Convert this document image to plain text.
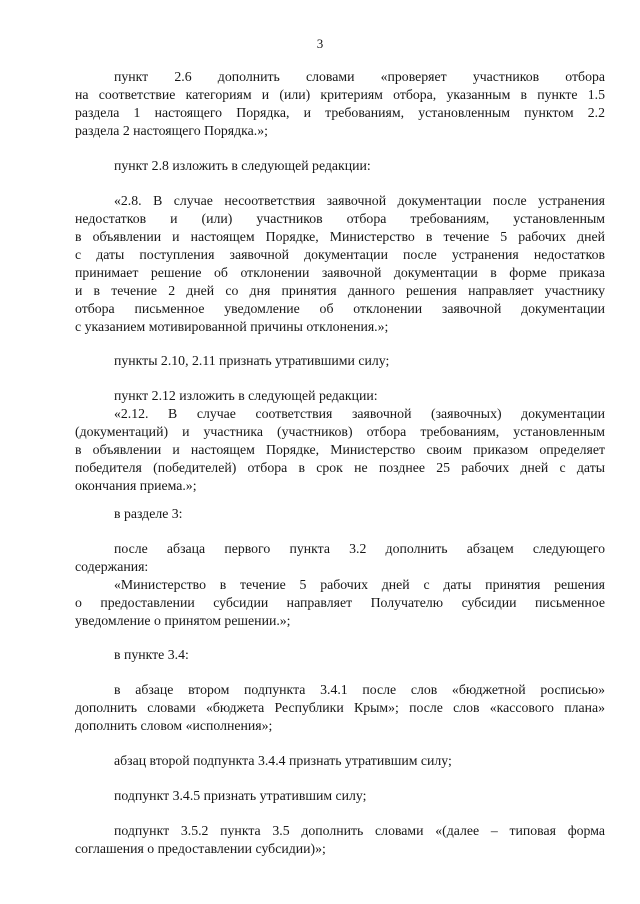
3

пункт 2.6 дополнить словами «проверяет участников отбора

на соответствие категориям и (или) критериям отбора, указанным в пункте 1.5

раздела 1 настоящего Порядка, и требованиям, установленным пунктом 2.2

раздела 2 настоящего Порядка.»;

пункт 2.8 изложить в следующей редакции:

«2.8. В случае несоответствия заявочной документации после устранения

недостатков и (или) участников отбора требованиям, установленным

в объявлении и настоящем Порядке, Министерство в течение 5 рабочих дней

с даты поступления заявочной документации после устранения недостатков

принимает решение об отклонении заявочной документации в форме приказа

и в течение 2 дней со дня принятия данного решения направляет участнику

отбора письменное уведомление об отклонении заявочной документации

с указанием мотивированной причины отклонения.»;

пункты 2.10, 2.11 признать утратившими силу;

пункт 2.12 изложить в следующей редакции:

«2.12. В случае соответствия заявочной (заявочных) документации

(документаций) и участника (участников) отбора требованиям, установленным

в объявлении и настоящем Порядке, Министерство своим приказом определяет

победителя (победителей) отбора в срок не позднее 25 рабочих дней с даты

окончания приема.»;

в разделе 3:

после абзаца первого пункта 3.2 дополнить абзацем следующего

содержания:

«Министерство в течение 5 рабочих дней с даты принятия решения

о предоставлении субсидии направляет Получателю субсидии письменное

уведомление о принятом решении.»;

в пункте 3.4:

в абзаце втором подпункта 3.4.1 после слов «бюджетной росписью»

дополнить словами «бюджета Республики Крым»; после слов «кассового плана»

дополнить словом «исполнения»;

абзац второй подпункта 3.4.4 признать утратившим силу;

подпункт 3.4.5 признать утратившим силу;

подпункт 3.5.2 пункта 3.5 дополнить словами «(далее – типовая форма

соглашения о предоставлении субсидии)»;
